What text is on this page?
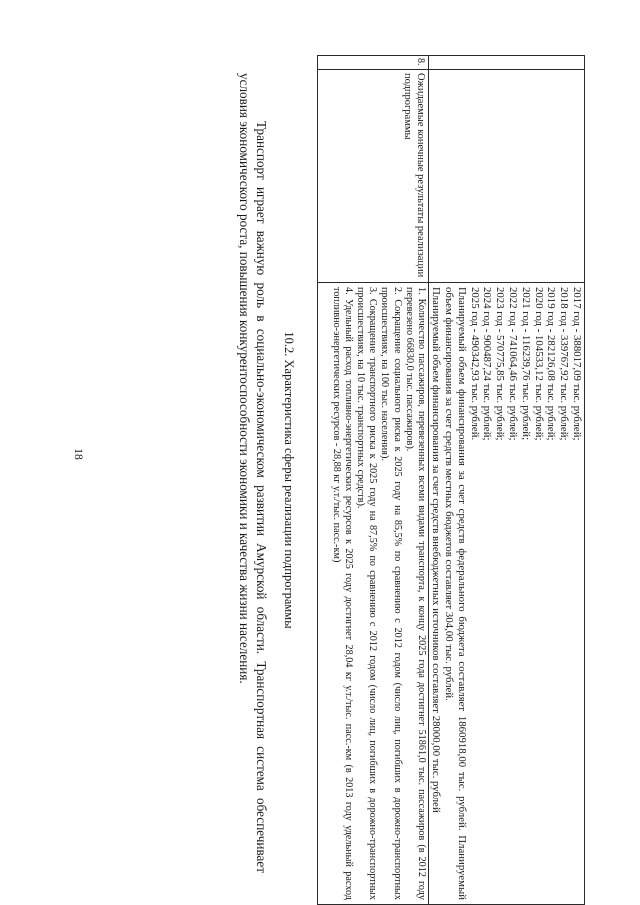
18
2017 год - 388017,09 тыс. рублей;
2018 год - 339767,92 тыс. рублей;
2019 год - 282126,08 тыс. рублей;
2020 год - 104533,12 тыс. рублей;
2021 год - 116239,76 тыс. рублей;
2022 год - 741064,46 тыс. рублей;
2023 год - 570775,85 тыс. рублей;
2024 год - 900487,24 тыс. рублей;
2025 год - 490342,93 тыс. рублей.
Планируемый объем финансирования за счет средств федерального бюджета составляет 1860918,00 тыс. рублей. Планируемый объем финансирования за счет средств местных бюджетов составляет 304,00 тыс. рублей.
Планируемый объем финансирования за счет средств внебюджетных источников составляет 28000,00 тыс. рублей
8.
Ожидаемые конечные результаты реализации подпрограммы
1. Количество пассажиров, перевезенных всеми видами транспорта, к концу 2025 года достигнет 51861,0 тыс. пассажиров (в 2012 году перевезено 66830,0 тыс. пассажиров).
2. Сокращение социального риска к 2025 году на 85,5% по сравнению с 2012 годом (число лиц, погибших в дорожно-транспортных происшествиях, на 100 тыс. населения).
3. Сокращение транспортного риска к 2025 году на 87,5% по сравнению с 2012 годом (число лиц, погибших в дорожно-транспортных происшествиях, на 10 тыс. транспортных средств).
4. Удельный расход топливно-энергетических ресурсов к 2025 году достигнет 28,04 кг у.т./тыс. пасс.-км (в 2013 году удельный расход топливно-энергетических ресурсов - 28,88 кг у.т./тыс. пасс.-км)
10.2. Характеристика сферы реализации подпрограммы
Транспорт играет важную роль в социально-экономическом развитии Амурской области. Транспортная система обеспечивает условия экономического роста, повышения конкурентоспособности экономики и качества жизни населения.
